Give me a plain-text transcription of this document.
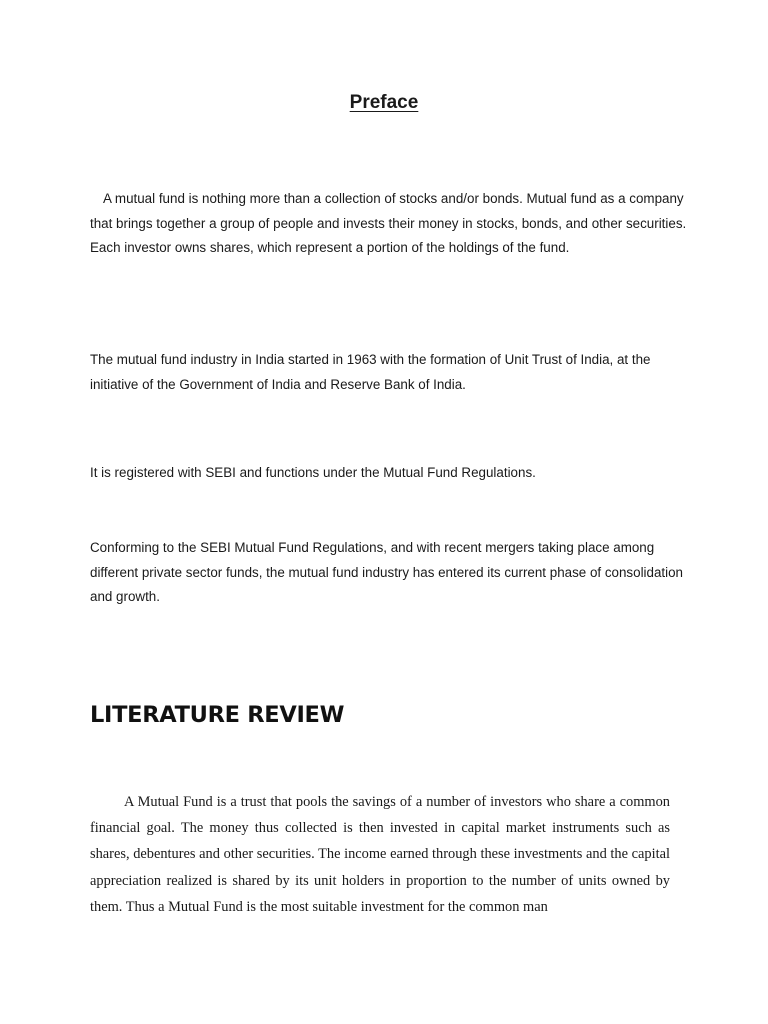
Preface

A mutual fund is nothing more than a collection of stocks and/or bonds. Mutual fund as a company that brings together a group of people and invests their money in stocks, bonds, and other securities. Each investor owns shares, which represent a portion of the holdings of the fund.

The mutual fund industry in India started in 1963 with the formation of Unit Trust of India, at the initiative of the Government of India and Reserve Bank of India.

It is registered with SEBI and functions under the Mutual Fund Regulations.

Conforming to the SEBI Mutual Fund Regulations, and with recent mergers taking place among different private sector funds, the mutual fund industry has entered its current phase of consolidation and growth.

LITERATURE REVIEW

A Mutual Fund is a trust that pools the savings of a number of investors who share a common financial goal. The money thus collected is then invested in capital market instruments such as shares, debentures and other securities. The income earned through these investments and the capital appreciation realized is shared by its unit holders in proportion to the number of units owned by them. Thus a Mutual Fund is the most suitable investment for the common man
